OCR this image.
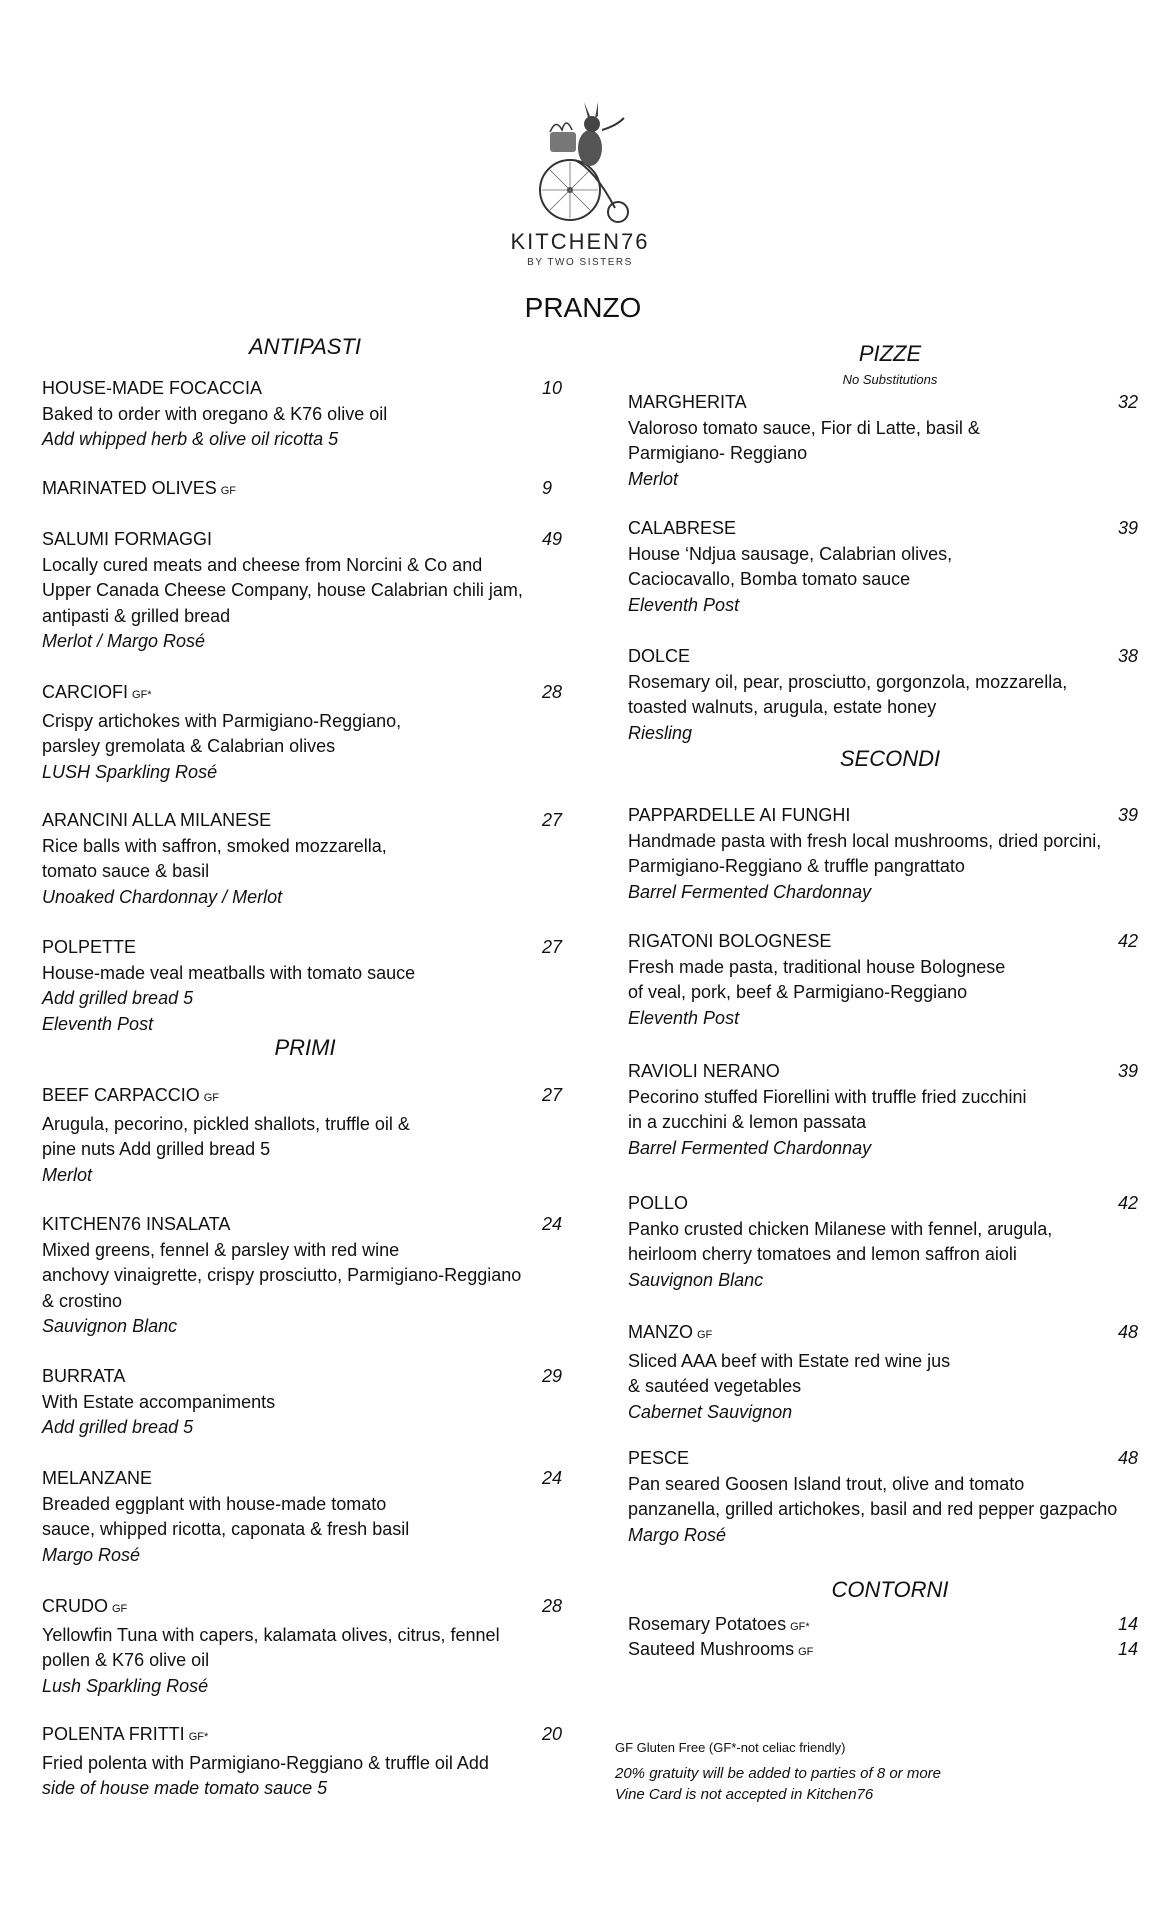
KITCHEN76
BY TWO SISTERS
PRANZO
ANTIPASTI
PRIMI
PIZZE
No Substitutions
SECONDI
CONTORNI
HOUSE-MADE FOCACCIA	10
Baked to order with oregano & K76 olive oil
Add whipped herb & olive oil ricotta 5
MARINATED OLIVES GF	9
SALUMI FORMAGGI	49
Locally cured meats and cheese from Norcini & Co and
Upper Canada Cheese Company, house Calabrian chili jam,
antipasti & grilled bread
Merlot / Margo Rosé
CARCIOFI GF*	28
Crispy artichokes with Parmigiano-Reggiano,
parsley gremolata & Calabrian olives
LUSH Sparkling Rosé
ARANCINI ALLA MILANESE	27
Rice balls with saffron, smoked mozzarella,
tomato sauce & basil
Unoaked Chardonnay / Merlot
POLPETTE	27
House-made veal meatballs with tomato sauce
Add grilled bread 5
Eleventh Post
BEEF CARPACCIO GF	27
Arugula, pecorino, pickled shallots, truffle oil &
pine nuts Add grilled bread 5
Merlot
KITCHEN76 INSALATA	24
Mixed greens, fennel & parsley with red wine
anchovy vinaigrette, crispy prosciutto, Parmigiano-Reggiano
& crostino
Sauvignon Blanc
BURRATA	29
With Estate accompaniments
Add grilled bread 5
MELANZANE	24
Breaded eggplant with house-made tomato
sauce, whipped ricotta, caponata & fresh basil
Margo Rosé
CRUDO GF	28
Yellowfin Tuna with capers, kalamata olives, citrus, fennel
pollen & K76 olive oil
Lush Sparkling Rosé
POLENTA FRITTI GF*	20
Fried polenta with Parmigiano-Reggiano & truffle oil Add
side of house made tomato sauce 5
MARGHERITA	32
Valoroso tomato sauce, Fior di Latte, basil &
Parmigiano- Reggiano
Merlot
CALABRESE	39
House ‘Ndjua sausage, Calabrian olives,
Caciocavallo, Bomba tomato sauce
Eleventh Post
DOLCE	38
Rosemary oil, pear, prosciutto, gorgonzola, mozzarella,
toasted walnuts, arugula, estate honey
Riesling
PAPPARDELLE AI FUNGHI	39
Handmade pasta with fresh local mushrooms, dried porcini,
Parmigiano-Reggiano & truffle pangrattato
Barrel Fermented Chardonnay
RIGATONI BOLOGNESE	42
Fresh made pasta, traditional house Bolognese
of veal, pork, beef & Parmigiano-Reggiano
Eleventh Post
RAVIOLI NERANO	39
Pecorino stuffed Fiorellini with truffle fried zucchini
in a zucchini & lemon passata
Barrel Fermented Chardonnay
POLLO	42
Panko crusted chicken Milanese with fennel, arugula,
heirloom cherry tomatoes and lemon saffron aioli
Sauvignon Blanc
MANZO GF	48
Sliced AAA beef with Estate red wine jus
& sautéed vegetables
Cabernet Sauvignon
PESCE	48
Pan seared Goosen Island trout, olive and tomato
panzanella, grilled artichokes, basil and red pepper gazpacho
Margo Rosé
Rosemary Potatoes GF*	14
Sauteed Mushrooms GF	14
GF Gluten Free (GF*-not celiac friendly)
20% gratuity will be added to parties of 8 or more
Vine Card is not accepted in Kitchen76
